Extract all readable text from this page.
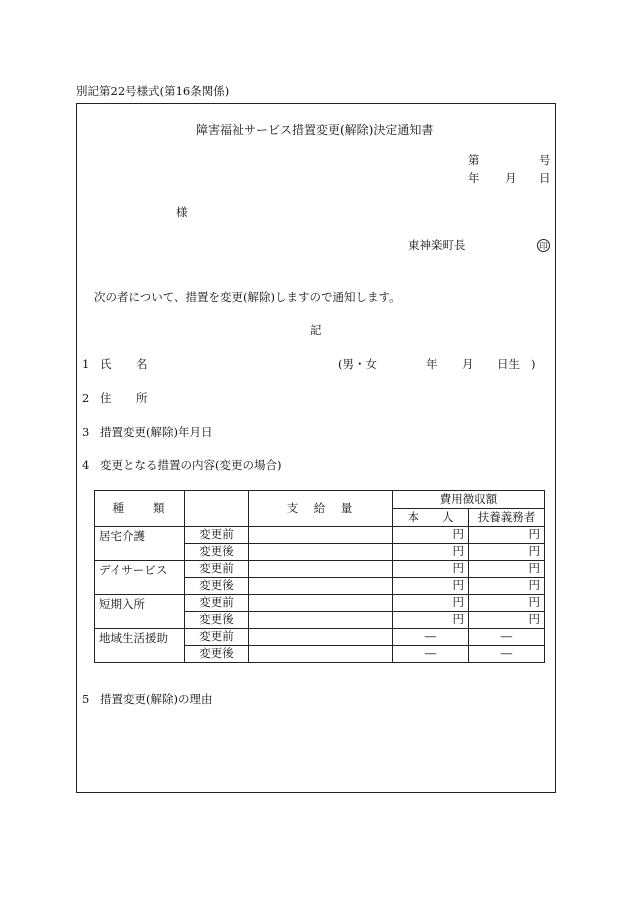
別記第22号様式(第16条関係)
障害福祉サービス措置変更(解除)決定通知書
第	号
年 月 日
様
東神楽町長	印
次の者について、措置を変更(解除)しますので通知します。
記
1 氏 名	(男・女	年 月 日生 )
2 住 所
3 措置変更(解除)年月日
4 変更となる措置の内容(変更の場合)
種　　類		支　給　量	費用徴収額	
			本　　人	扶養義務者
居宅介護	変更前		円	円
	変更後		円	円
デイサービス	変更前		円	円
	変更後		円	円
短期入所	変更前		円	円
	変更後		円	円
地域生活援助	変更前		―	―
	変更後		―	―
5 措置変更(解除)の理由
